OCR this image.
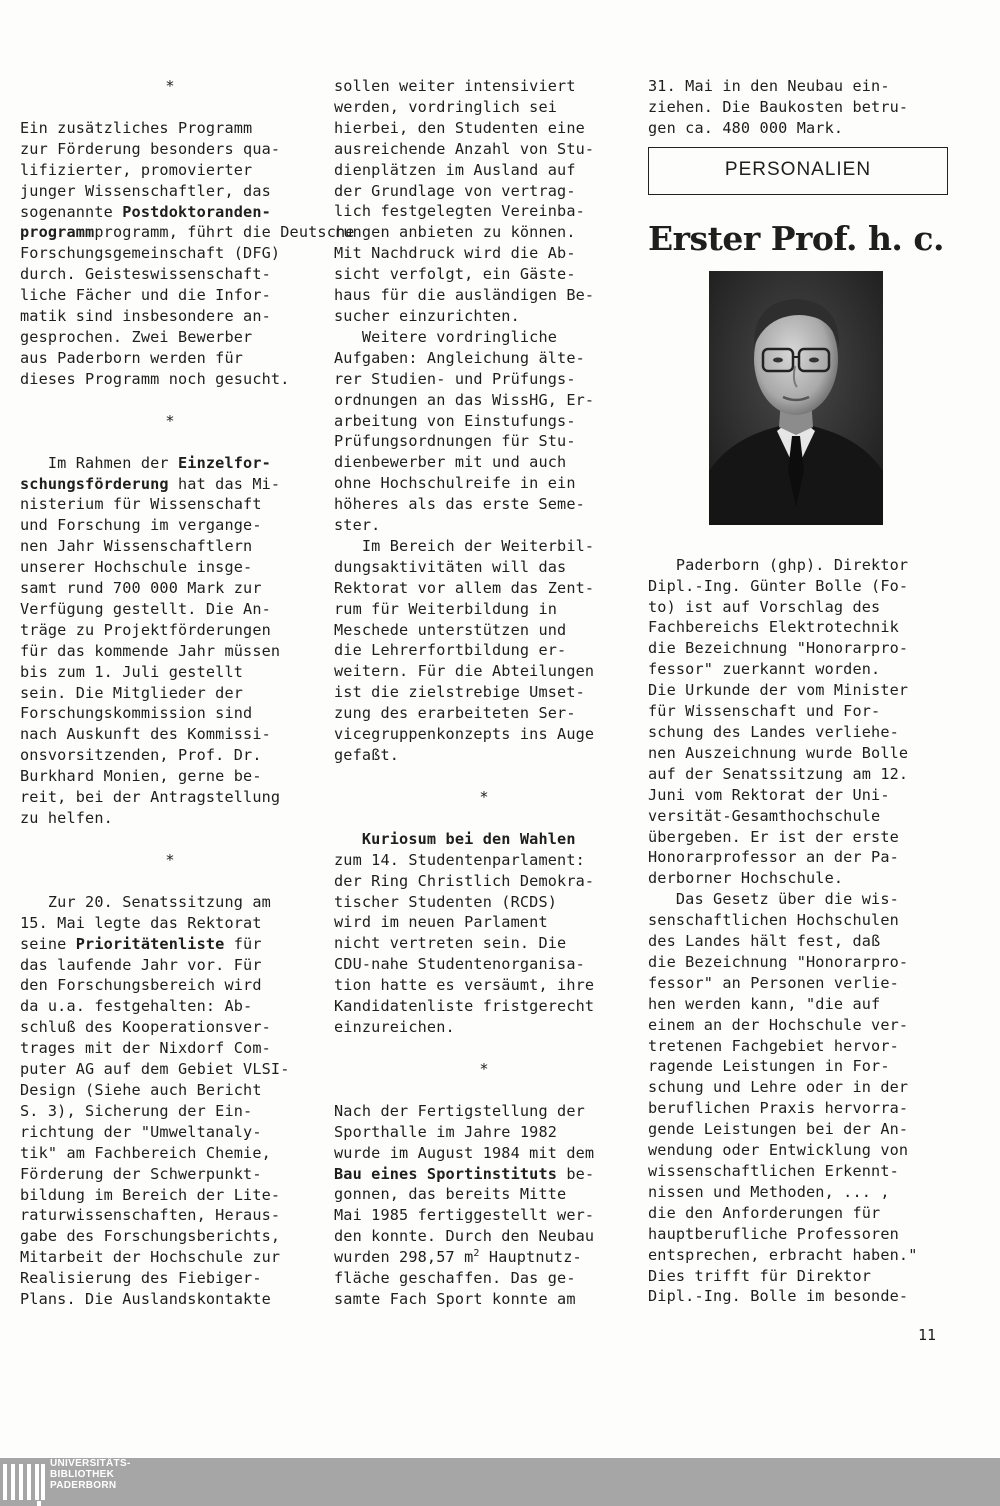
*
Ein zusätzliches Programm
zur Förderung besonders qua-
lifizierter, promovierter
junger Wissenschaftler, das
sogenannte Postdoktoranden-
programmprogramm, führt die Deutsche
Forschungsgemeinschaft (DFG)
durch. Geisteswissenschaft-
liche Fächer und die Infor-
matik sind insbesondere an-
gesprochen. Zwei Bewerber
aus Paderborn werden für
dieses Programm noch gesucht.
*
Im Rahmen der Einzelfor-
schungsförderung hat das Mi-
nisterium für Wissenschaft
und Forschung im vergange-
nen Jahr Wissenschaftlern
unserer Hochschule insge-
samt rund 700 000 Mark zur
Verfügung gestellt. Die An-
träge zu Projektförderungen
für das kommende Jahr müssen
bis zum 1. Juli gestellt
sein. Die Mitglieder der
Forschungskommission sind
nach Auskunft des Kommissi-
onsvorsitzenden, Prof. Dr.
Burkhard Monien, gerne be-
reit, bei der Antragstellung
zu helfen.
*
Zur 20. Senatssitzung am
15. Mai legte das Rektorat
seine Prioritätenliste für
das laufende Jahr vor. Für
den Forschungsbereich wird
da u.a. festgehalten: Ab-
schluß des Kooperationsver-
trages mit der Nixdorf Com-
puter AG auf dem Gebiet VLSI-
Design (Siehe auch Bericht
S. 3), Sicherung der Ein-
richtung der "Umweltanaly-
tik" am Fachbereich Chemie,
Förderung der Schwerpunkt-
bildung im Bereich der Lite-
raturwissenschaften, Heraus-
gabe des Forschungsberichts,
Mitarbeit der Hochschule zur
Realisierung des Fiebiger-
Plans. Die Auslandskontakte
sollen weiter intensiviert
werden, vordringlich sei
hierbei, den Studenten eine
ausreichende Anzahl von Stu-
dienplätzen im Ausland auf
der Grundlage von vertrag-
lich festgelegten Vereinba-
rungen anbieten zu können.
Mit Nachdruck wird die Ab-
sicht verfolgt, ein Gäste-
haus für die ausländigen Be-
sucher einzurichten.
Weitere vordringliche
Aufgaben: Angleichung älte-
rer Studien- und Prüfungs-
ordnungen an das WissHG, Er-
arbeitung von Einstufungs-
Prüfungsordnungen für Stu-
dienbewerber mit und auch
ohne Hochschulreife in ein
höheres als das erste Seme-
ster.
Im Bereich der Weiterbil-
dungsaktivitäten will das
Rektorat vor allem das Zent-
rum für Weiterbildung in
Meschede unterstützen und
die Lehrerfortbildung er-
weitern. Für die Abteilungen
ist die zielstrebige Umset-
zung des erarbeiteten Ser-
vicegruppenkonzepts ins Auge
gefaßt.
*
Kuriosum bei den Wahlen
zum 14. Studentenparlament:
der Ring Christlich Demokra-
tischer Studenten (RCDS)
wird im neuen Parlament
nicht vertreten sein. Die
CDU-nahe Studentenorganisa-
tion hatte es versäumt, ihre
Kandidatenliste fristgerecht
einzureichen.
*
Nach der Fertigstellung der
Sporthalle im Jahre 1982
wurde im August 1984 mit dem
Bau eines Sportinstituts be-
gonnen, das bereits Mitte
Mai 1985 fertiggestellt wer-
den konnte. Durch den Neubau
wurden 298,57 $m^2$ Hauptnutz-
fläche geschaffen. Das ge-
samte Fach Sport konnte am
31. Mai in den Neubau ein-
ziehen. Die Baukosten betru-
gen ca. 480 000 Mark.
PERSONALIEN
Erster Prof. h. c.
Paderborn (ghp). Direktor
Dipl.-Ing. Günter Bolle (Fo-
to) ist auf Vorschlag des
Fachbereichs Elektrotechnik
die Bezeichnung "Honorarpro-
fessor" zuerkannt worden.
Die Urkunde der vom Minister
für Wissenschaft und For-
schung des Landes verliehe-
nen Auszeichnung wurde Bolle
auf der Senatssitzung am 12.
Juni vom Rektorat der Uni-
versität-Gesamthochschule
übergeben. Er ist der erste
Honorarprofessor an der Pa-
derborner Hochschule.
Das Gesetz über die wis-
senschaftlichen Hochschulen
des Landes hält fest, daß
die Bezeichnung "Honorarpro-
fessor" an Personen verlie-
hen werden kann, "die auf
einem an der Hochschule ver-
tretenen Fachgebiet hervor-
ragende Leistungen in For-
schung und Lehre oder in der
beruflichen Praxis hervorra-
gende Leistungen bei der An-
wendung oder Entwicklung von
wissenschaftlichen Erkennt-
nissen und Methoden, ... ,
die den Anforderungen für
hauptberufliche Professoren
entsprechen, erbracht haben."
Dies trifft für Direktor
Dipl.-Ing. Bolle im besonde-
11
UNIVERSITÄTS-
BIBLIOTHEK
PADERBORN
